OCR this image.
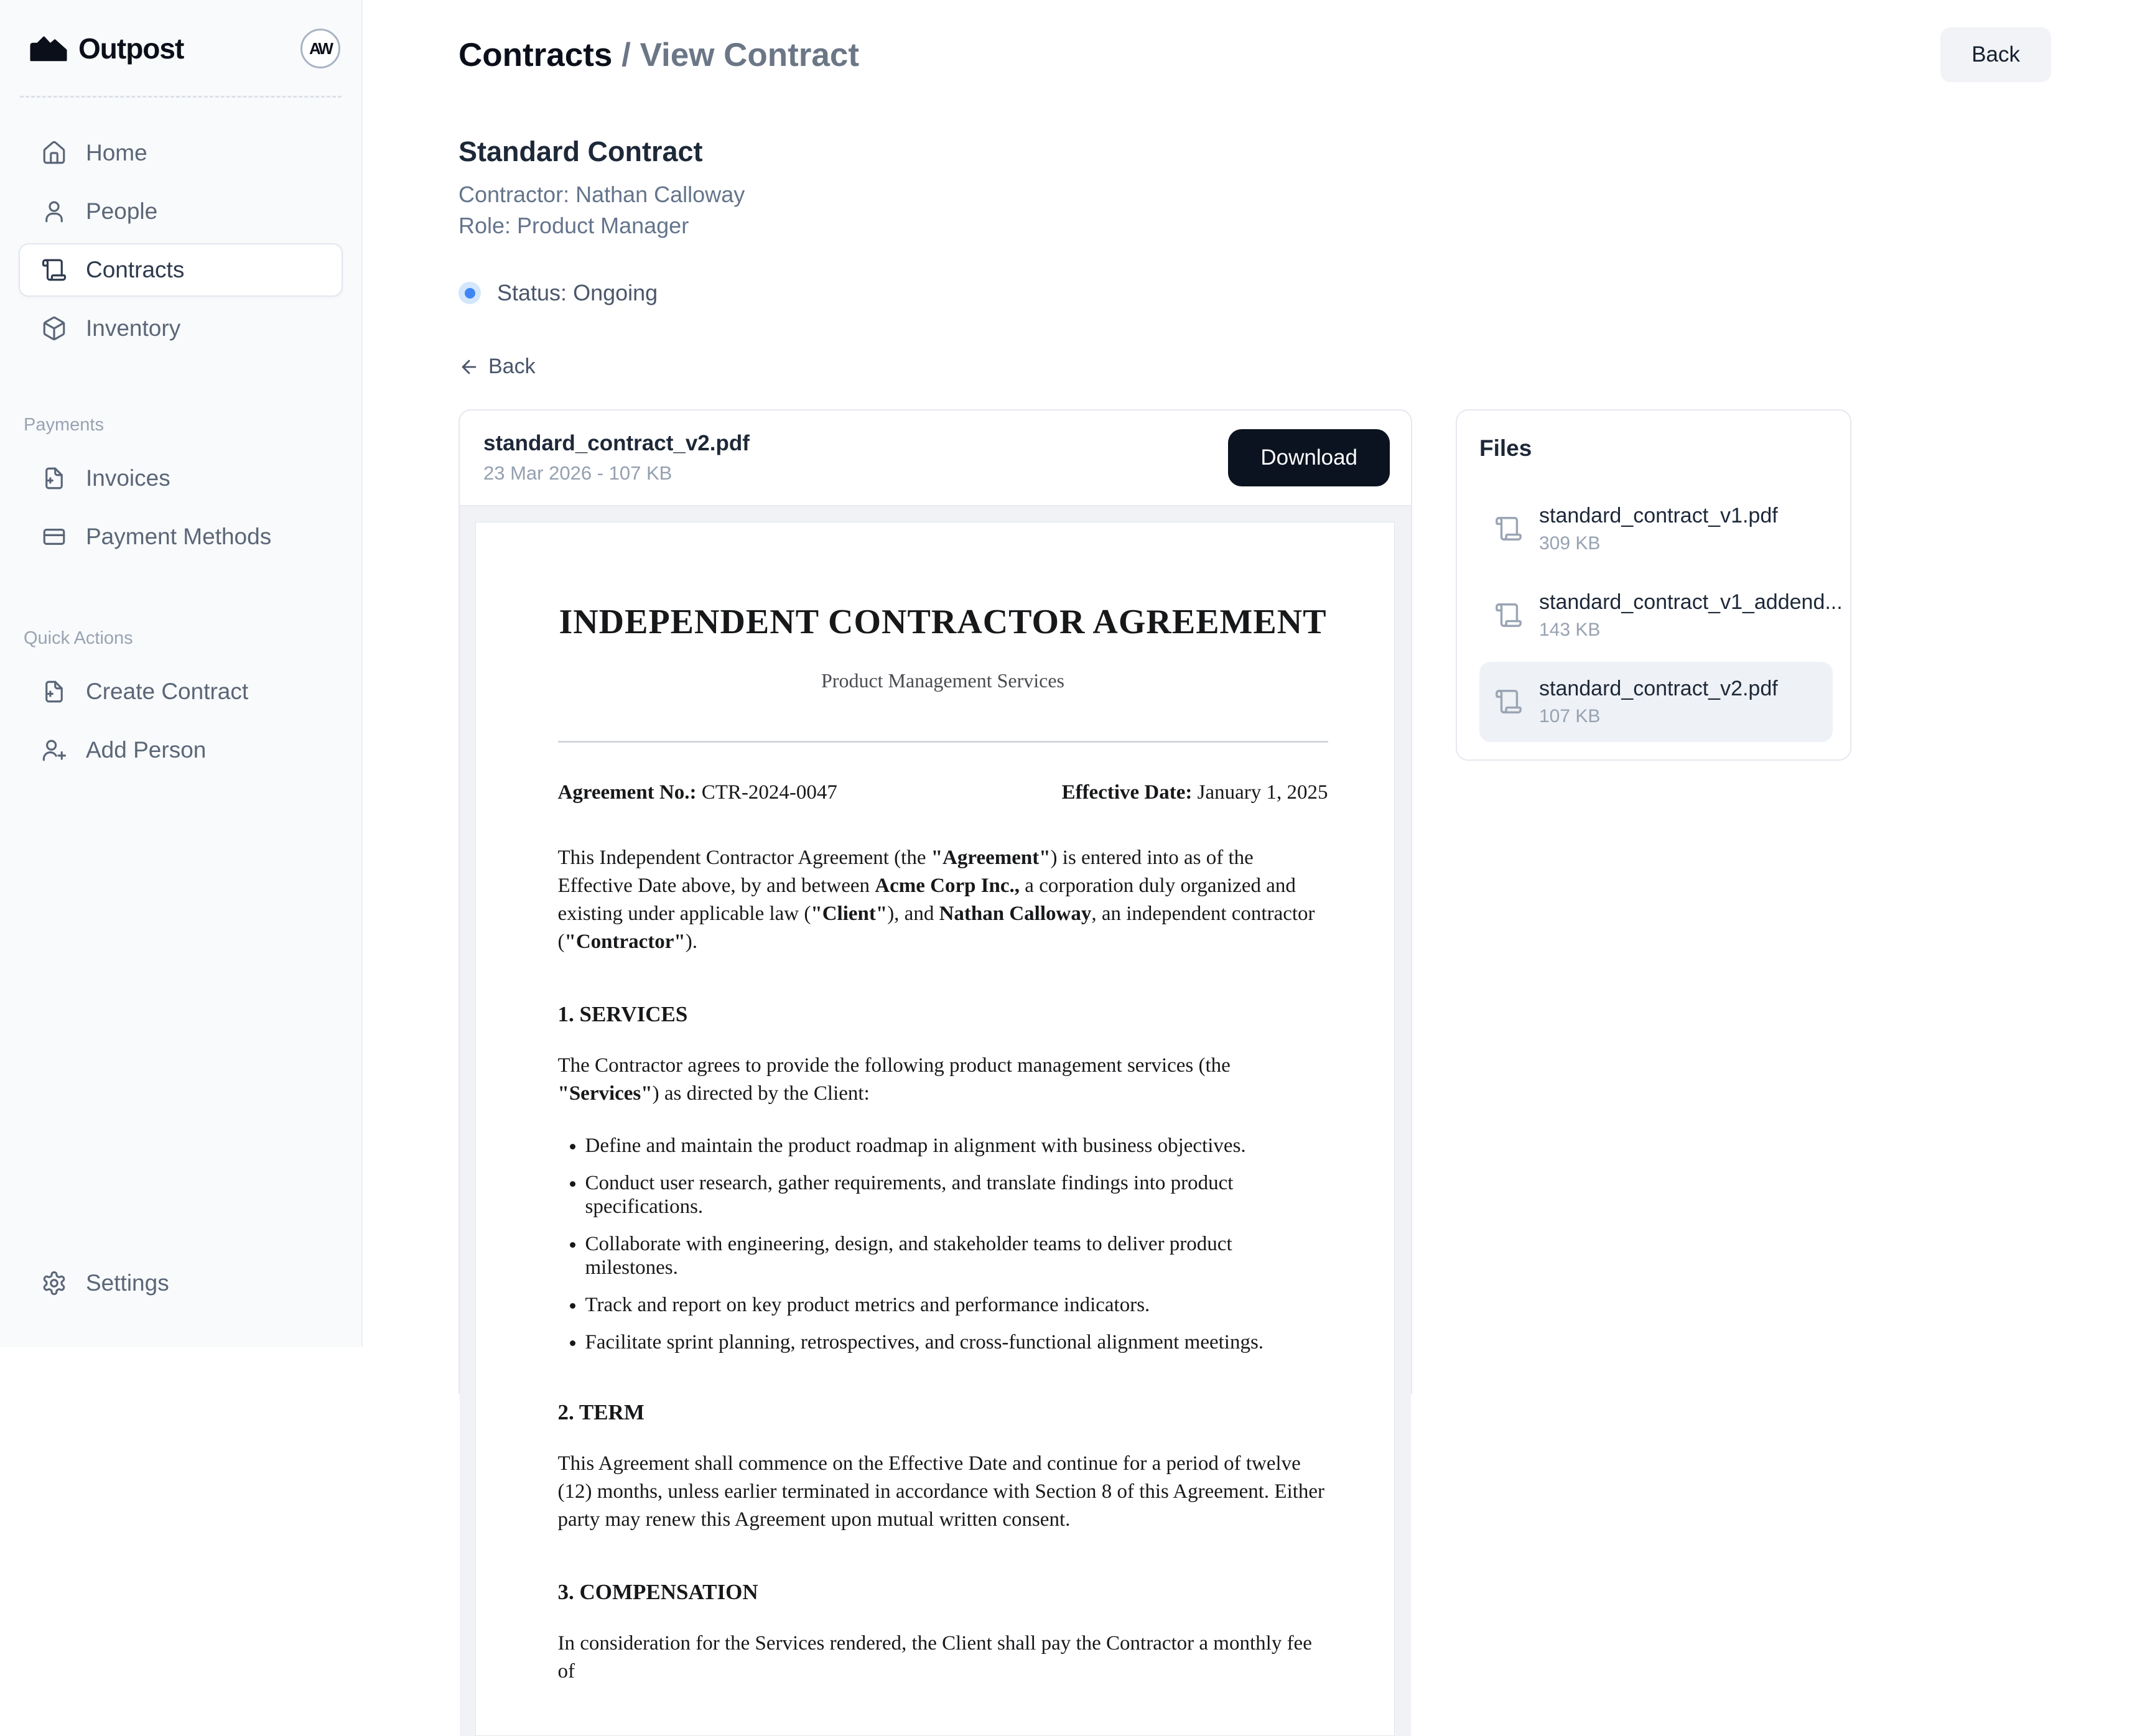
Outpost	AW
Home
People
Contracts
Inventory
Payments
Invoices
Payment Methods
Quick Actions
Create Contract
Add Person
Settings
Contracts / View Contract	Back
Standard Contract
Contractor: Nathan Calloway
Role: Product Manager
Status: Ongoing
Back
standard_contract_v2.pdf
23 Mar 2026 - 107 KB
Download
INDEPENDENT CONTRACTOR AGREEMENT
Product Management Services
Agreement No.: CTR-2024-0047	Effective Date: January 1, 2025

This Independent Contractor Agreement (the "Agreement") is entered into as of the Effective Date above, by and between Acme Corp Inc., a corporation duly organized and existing under applicable law ("Client"), and Nathan Calloway, an independent contractor ("Contractor").

1. SERVICES

The Contractor agrees to provide the following product management services (the "Services") as directed by the Client:

• Define and maintain the product roadmap in alignment with business objectives.
• Conduct user research, gather requirements, and translate findings into product specifications.
• Collaborate with engineering, design, and stakeholder teams to deliver product milestones.
• Track and report on key product metrics and performance indicators.
• Facilitate sprint planning, retrospectives, and cross-functional alignment meetings.
2. TERM

This Agreement shall commence on the Effective Date and continue for a period of twelve (12) months, unless earlier terminated in accordance with Section 8 of this Agreement. Either party may renew this Agreement upon mutual written consent.

3. COMPENSATION

In consideration for the Services rendered, the Client shall pay the Contractor a monthly fee of

Files
standard_contract_v1.pdf
309 KB
standard_contract_v1_addend...
143 KB
standard_contract_v2.pdf
107 KB
